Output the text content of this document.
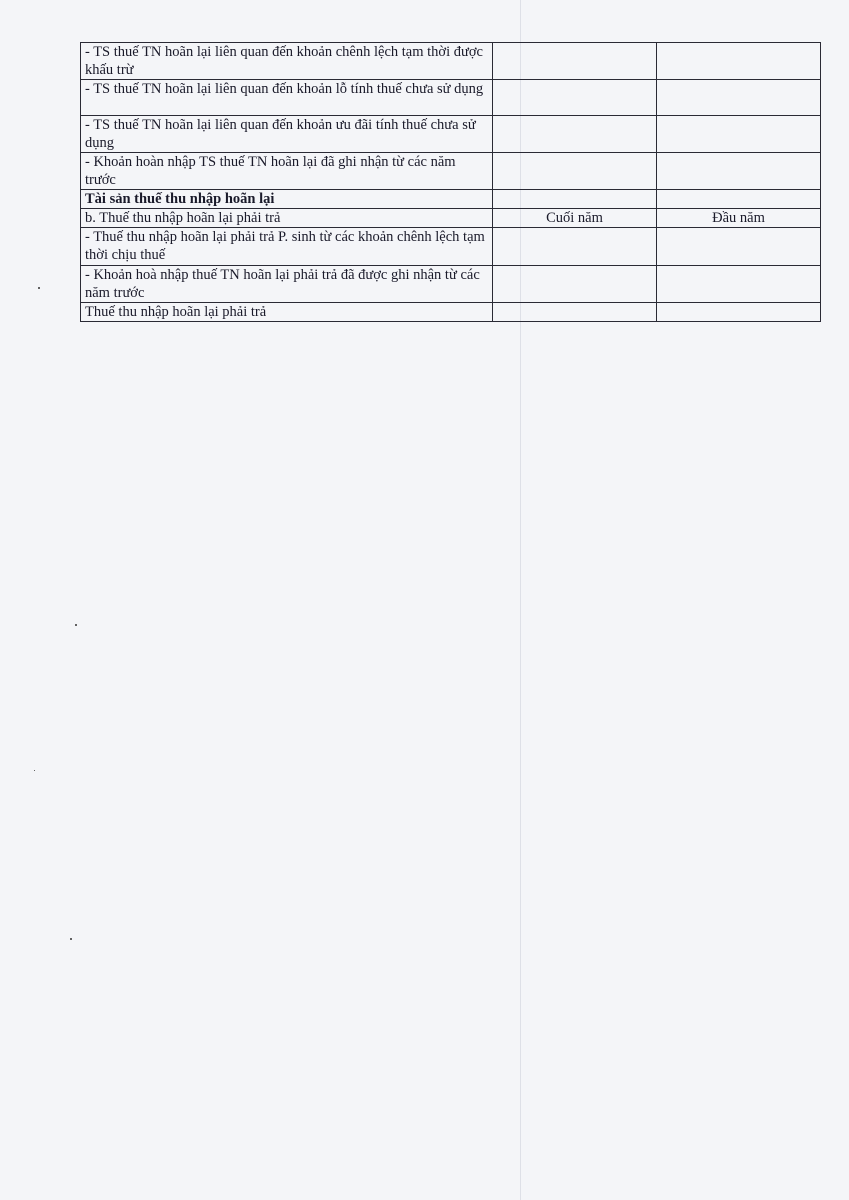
- TS thuế TN hoãn lại liên quan đến khoản chênh lệch tạm thời được khấu trừ		
- TS thuế TN hoãn lại liên quan đến khoản lỗ tính thuế chưa sử dụng		
- TS thuế TN hoãn lại liên quan đến khoản ưu đãi tính thuế chưa sử dụng		
- Khoản hoàn nhập TS thuế TN hoãn lại đã ghi nhận từ các năm trước		
Tài sản thuế thu nhập hoãn lại		
b. Thuế thu nhập hoãn lại phải trả	Cuối năm	Đầu năm
- Thuế thu nhập hoãn lại phải trả P. sinh từ các khoản chênh lệch tạm thời chịu thuế		
- Khoản hoà nhập thuế TN hoãn lại phải trả đã được ghi nhận từ các năm trước		
Thuế thu nhập hoãn lại phải trả		
